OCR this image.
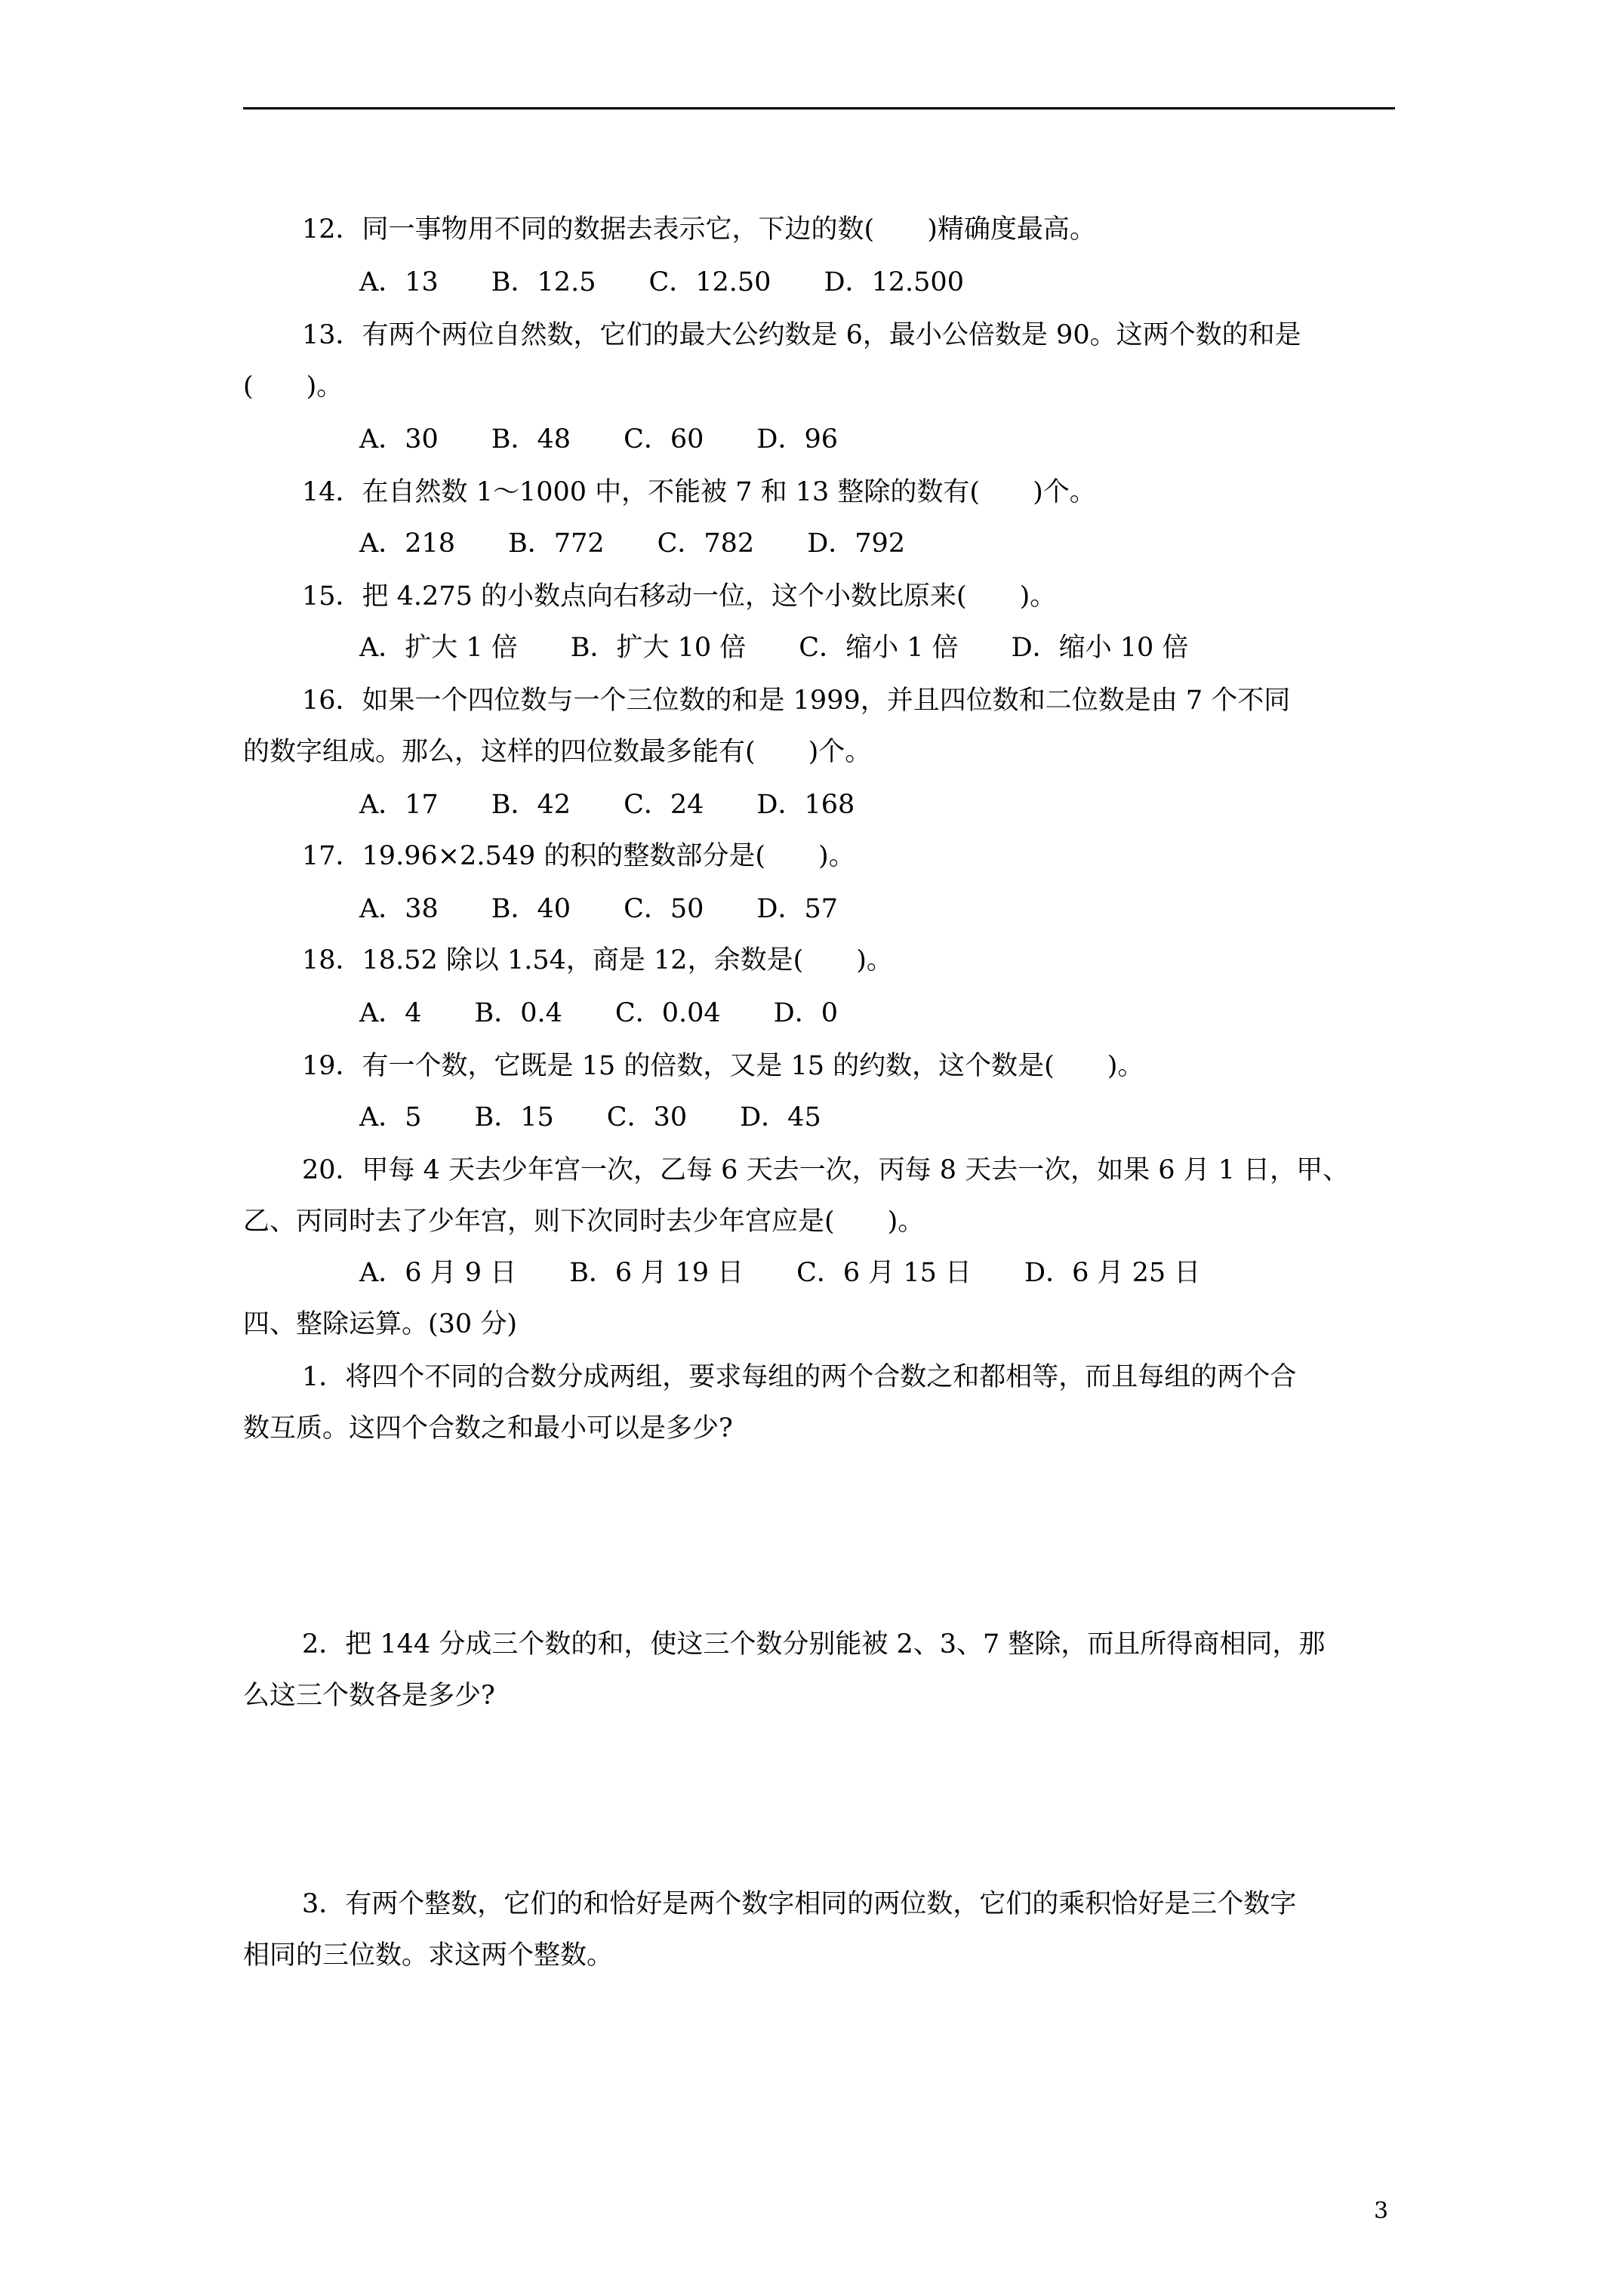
12．同一事物用不同的数据去表示它，下边的数(　　)精确度最高。
A．13　　B．12.5　　C．12.50　　D．12.500
13．有两个两位自然数，它们的最大公约数是 6，最小公倍数是 90。这两个数的和是
(　　)。
A．30　　B．48　　C．60　　D．96
14．在自然数 1～1000 中，不能被 7 和 13 整除的数有(　　)个。
A．218　　B．772　　C．782　　D．792
15．把 4.275 的小数点向右移动一位，这个小数比原来(　　)。
A．扩大 1 倍　　B．扩大 10 倍　　C．缩小 1 倍　　D．缩小 10 倍
16．如果一个四位数与一个三位数的和是 1999，并且四位数和二位数是由 7 个不同
的数字组成。那么，这样的四位数最多能有(　　)个。
A．17　　B．42　　C．24　　D．168
17．19.96×2.549 的积的整数部分是(　　)。
A．38　　B．40　　C．50　　D．57
18．18.52 除以 1.54，商是 12，余数是(　　)。
A．4　　B．0.4　　C．0.04　　D．0
19．有一个数，它既是 15 的倍数，又是 15 的约数，这个数是(　　)。
A．5　　B．15　　C．30　　D．45
20．甲每 4 天去少年宫一次，乙每 6 天去一次，丙每 8 天去一次，如果 6 月 1 日，甲、
乙、丙同时去了少年宫，则下次同时去少年宫应是(　　)。
A．6 月 9 日　　B．6 月 19 日　　C．6 月 15 日　　D．6 月 25 日
四、整除运算。(30 分)
1．将四个不同的合数分成两组，要求每组的两个合数之和都相等，而且每组的两个合
数互质。这四个合数之和最小可以是多少?
2．把 144 分成三个数的和，使这三个数分别能被 2、3、7 整除，而且所得商相同，那
么这三个数各是多少?
3．有两个整数，它们的和恰好是两个数字相同的两位数，它们的乘积恰好是三个数字
相同的三位数。求这两个整数。
3
